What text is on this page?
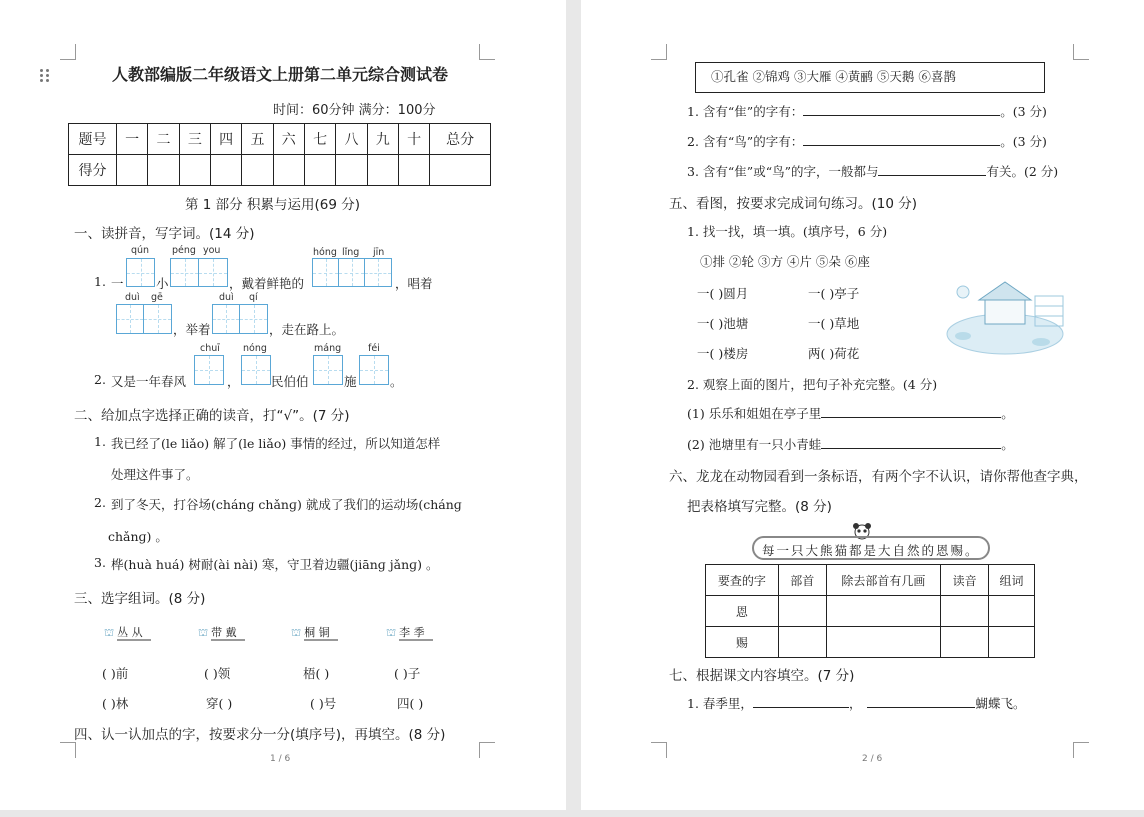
人教部编版二年级语文上册第二单元综合测试卷
时间：60分钟 满分：100分
题号	一	二	三	四	五	六	七	八	九	十	总分
得分											
第 1 部分 积累与运用(69 分)
一、读拼音，写字词。(14 分)
qún péng you	hóng lǐng jīn
1. 一	小	，戴着鲜艳的	，唱着
duì gē	duì qí
，举着	，走在路上。
chuī nóng	máng	féi
2. 又是一年春风	，	民伯伯	施	。
二、给加点字选择正确的读音，打“√”。(7 分)
1. 我已经了(le liǎo) 解了(le liǎo) 事情的经过，所以知道怎样
处理这件事了。
2. 到了冬天，打谷场(chánɡ chǎnɡ) 就成了我们的运动场(chánɡ
chǎnɡ) 。
3. 桦(huà huá) 树耐(ài nài) 寒，守卫着边疆(jiānɡ jǎnɡ) 。
三、选字组词。(8 分)
⛫ 丛 从	⛫ 带 戴	⛫ 桐 铜	⛫ 李 季
( )前	( )领	梧( )	( )子
( )林	穿( )	( )号	四( )
四、认一认加点的字，按要求分一分(填序号)，再填空。(8 分)
1 / 6
①孔雀 ②锦鸡 ③大雁 ④黄鹂 ⑤天鹅 ⑥喜鹊
1. 含有“隹”的字有：	。(3 分)
2. 含有“鸟”的字有：	。(3 分)
3. 含有“隹”或“鸟”的字，一般都与	有关。(2 分)
五、看图，按要求完成词句练习。(10 分)
1. 找一找，填一填。(填序号，6 分)
①排 ②轮 ③方 ④片 ⑤朵 ⑥座
一( )圆月	一( )亭子
一( )池塘	一( )草地
一( )楼房	两( )荷花
2. 观察上面的图片，把句子补充完整。(4 分)
(1) 乐乐和姐姐在亭子里	。
(2) 池塘里有一只小青蛙	。
六、龙龙在动物园看到一条标语，有两个字不认识，请你帮他查字典，
把表格填写完整。(8 分)
每一只大熊猫都是大自然的恩赐。
要查的字	部首	除去部首有几画	读音	组词
恩				
赐				
七、根据课文内容填空。(7 分)
1. 春季里，	，	蝴蝶飞。
2 / 6
